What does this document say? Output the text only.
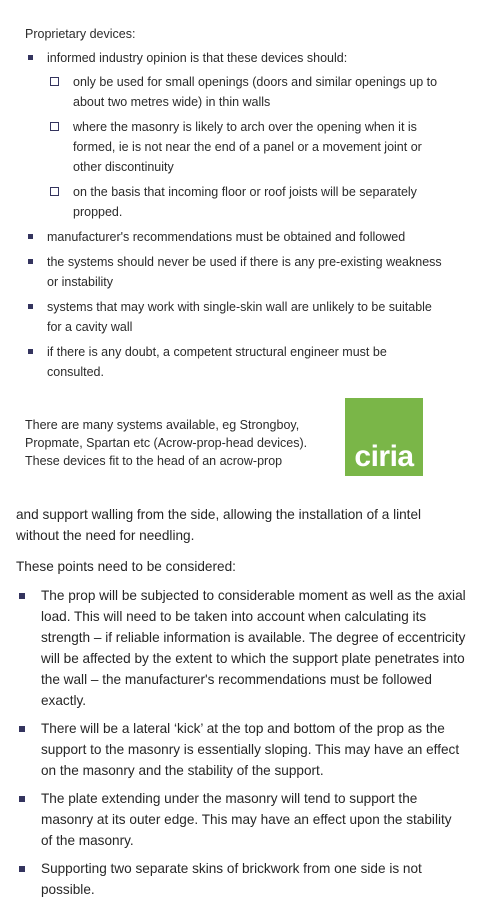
Proprietary devices:
informed industry opinion is that these devices should:
only be used for small openings (doors and similar openings up to about two metres wide) in thin walls
where the masonry is likely to arch over the opening when it is formed, ie is not near the end of a panel or a movement joint or other discontinuity
on the basis that incoming floor or roof joists will be separately propped.
manufacturer's recommendations must be obtained and followed
the systems should never be used if there is any pre-existing weakness or instability
systems that may work with single-skin wall are unlikely to be suitable for a cavity wall
if there is any doubt, a competent structural engineer must be consulted.
There are many systems available, eg Strongboy, Propmate, Spartan etc (Acrow-prop-head devices). These devices fit to the head of an acrow-prop	ciria

and support walling from the side, allowing the installation of a lintel without the need for needling.

These points need to be considered:

The prop will be subjected to considerable moment as well as the axial load. This will need to be taken into account when calculating its strength – if reliable information is available. The degree of eccentricity will be affected by the extent to which the support plate penetrates into the wall – the manufacturer's recommendations must be followed exactly.
There will be a lateral ‘kick’ at the top and bottom of the prop as the support to the masonry is essentially sloping. This may have an effect on the masonry and the stability of the support.
The plate extending under the masonry will tend to support the masonry at its outer edge. This may have an effect upon the stability of the masonry.
Supporting two separate skins of brickwork from one side is not possible.
